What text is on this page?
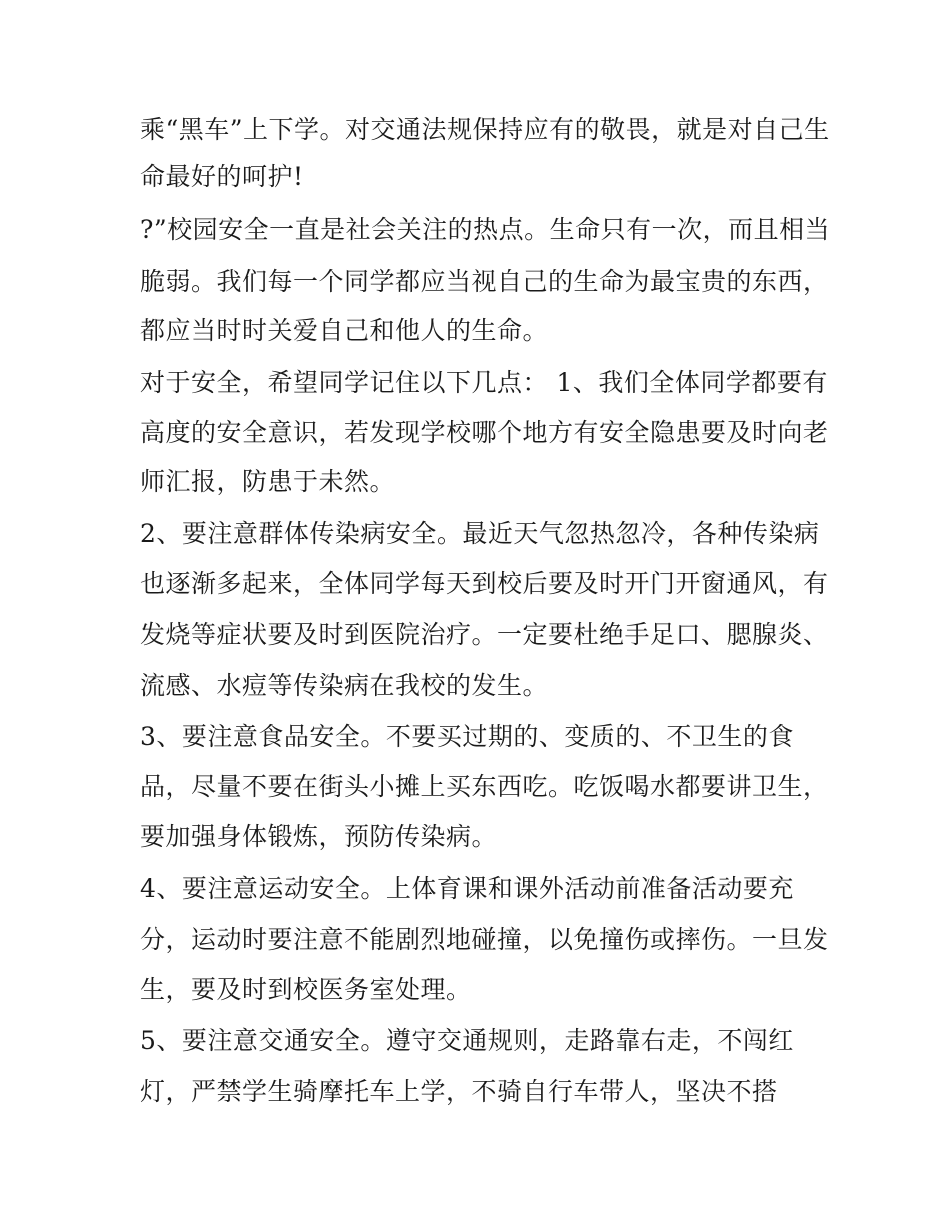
乘“黑车”上下学。对交通法规保持应有的敬畏，就是对自己生
命最好的呵护!
?”校园安全一直是社会关注的热点。生命只有一次，而且相当
脆弱。我们每一个同学都应当视自己的生命为最宝贵的东西，
都应当时时关爱自己和他人的生命。
对于安全，希望同学记住以下几点： 1、我们全体同学都要有
高度的安全意识，若发现学校哪个地方有安全隐患要及时向老
师汇报，防患于未然。
2、要注意群体传染病安全。最近天气忽热忽冷，各种传染病
也逐渐多起来，全体同学每天到校后要及时开门开窗通风，有
发烧等症状要及时到医院治疗。一定要杜绝手足口、腮腺炎、
流感、水痘等传染病在我校的发生。
3、要注意食品安全。不要买过期的、变质的、不卫生的食
品，尽量不要在街头小摊上买东西吃。吃饭喝水都要讲卫生，
要加强身体锻炼，预防传染病。
4、要注意运动安全。上体育课和课外活动前准备活动要充
分，运动时要注意不能剧烈地碰撞，以免撞伤或摔伤。一旦发
生，要及时到校医务室处理。
5、要注意交通安全。遵守交通规则，走路靠右走，不闯红
灯，严禁学生骑摩托车上学，不骑自行车带人，坚决不搭
